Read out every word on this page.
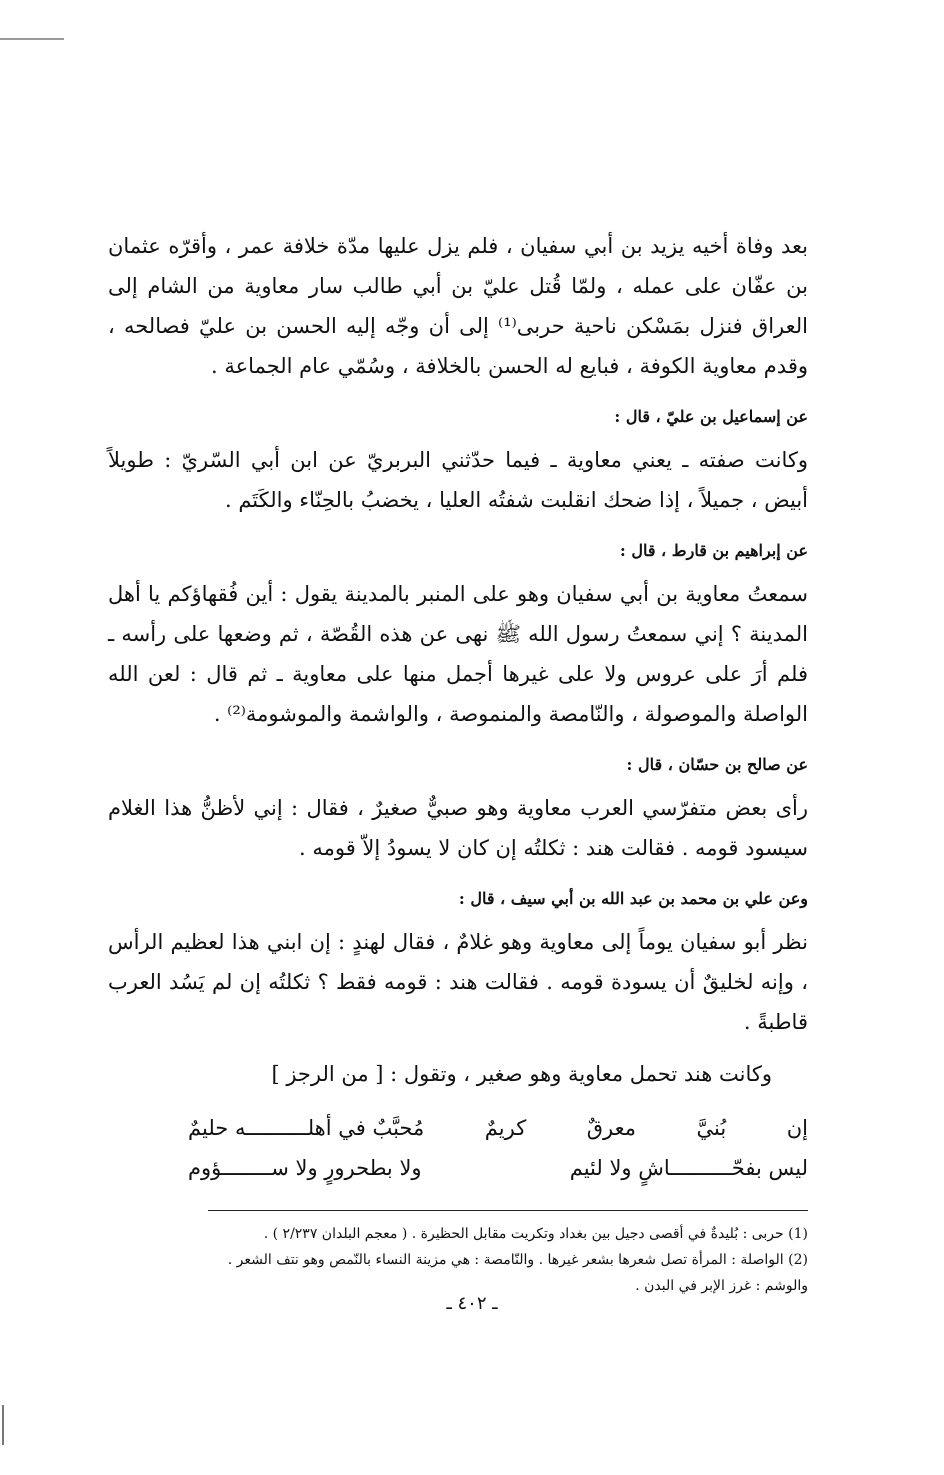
بعد وفاة أخيه يزيد بن أبي سفيان ، فلم يزل عليها مدّة خلافة عمر ، وأقرّه عثمان بن عفّان على عمله ، ولمّا قُتل عليّ بن أبي طالب سار معاوية من الشام إلى العراق فنزل بمَسْكن ناحية حربى⁽¹⁾ إلى أن وجّه إليه الحسن بن عليّ فصالحه ، وقدم معاوية الكوفة ، فبايع له الحسن بالخلافة ، وسُمّي عام الجماعة .

عن إسماعيل بن عليّ ، قال :

وكانت صفته ـ يعني معاوية ـ فيما حدّثني البربريّ عن ابن أبي السّريّ : طويلاً أبيض ، جميلاً ، إذا ضحك انقلبت شفتُه العليا ، يخضبُ بالحِنّاء والكَتَم .

عن إبراهيم بن قارط ، قال :

سمعتُ معاوية بن أبي سفيان وهو على المنبر بالمدينة يقول : أين فُقهاؤكم يا أهل المدينة ؟ إني سمعتُ رسول الله ﷺ نهى عن هذه القُصّة ، ثم وضعها على رأسه ـ فلم أرَ على عروس ولا على غيرها أجمل منها على معاوية ـ ثم قال : لعن الله الواصلة والموصولة ، والنّامصة والمنموصة ، والواشمة والموشومة⁽²⁾ .

عن صالح بن حسّان ، قال :

رأى بعض متفرّسي العرب معاوية وهو صبيٌّ صغيرٌ ، فقال : إني لأظنُّ هذا الغلام سيسود قومه . فقالت هند : ثكلتُه إن كان لا يسودُ إلاّ قومه .

وعن علي بن محمد بن عبد الله بن أبي سيف ، قال :

نظر أبو سفيان يوماً إلى معاوية وهو غلامٌ ، فقال لهندٍ : إن ابني هذا لعظيم الرأس ، وإنه لخليقٌ أن يسودة قومه . فقالت هند : قومه فقط ؟ ثكلتُه إن لم يَسُد العرب قاطبةً .

وكانت هند تحمل معاوية وهو صغير ، وتقول : [ من الرجز ]
إن
بُنيَّ
معرقٌ
كريمٌ
مُحبَّبٌ في أهلــــــــــه حليمٌ
ليس بفحّــــــــــاشٍ ولا لئيم
ولا بطحرورٍ ولا ســــــــؤوم

(1) حربى : بُليدةٌ في أقصى دجيل بين بغداد وتكريت مقابل الحظيرة . ( معجم البلدان ٢/٢٣٧ ) .

(2) الواصلة : المرأة تصل شعرها بشعر غيرها . والنّامصة : هي مزينة النساء بالنّمص وهو نتف الشعر .

والوشم : غرز الإبر في البدن .

ـ ٤٠٢ ـ
